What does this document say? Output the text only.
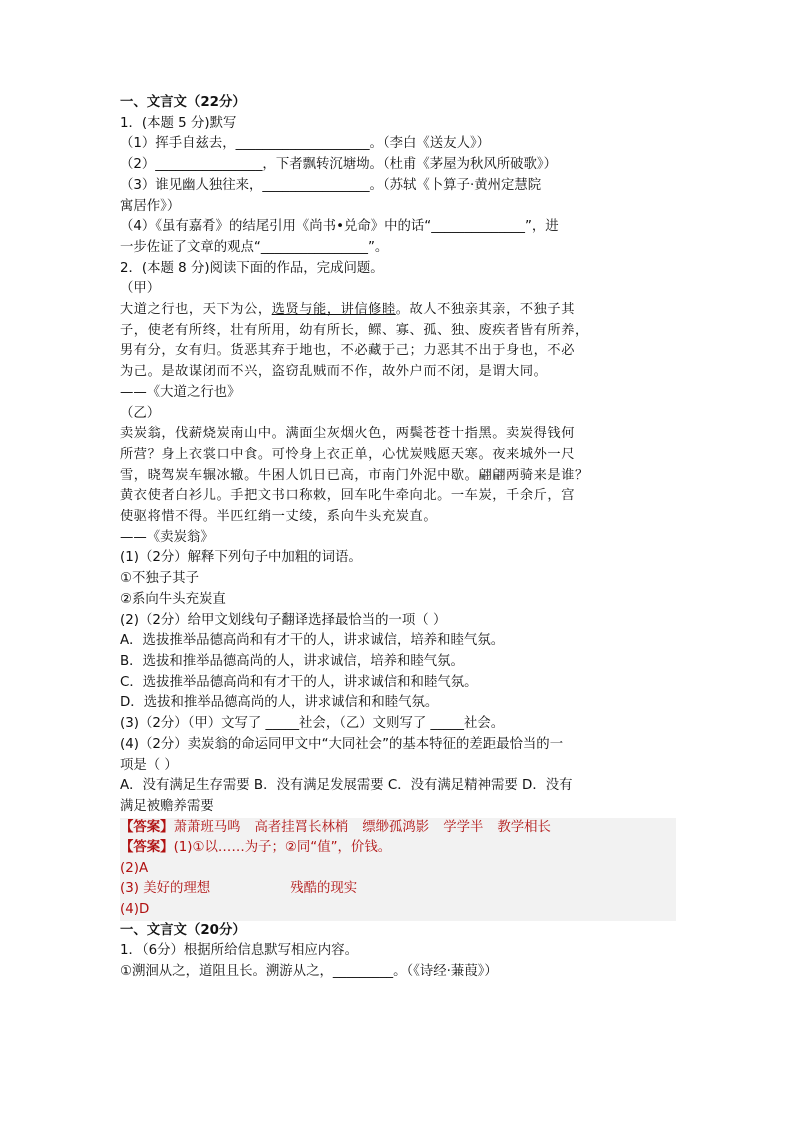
一、文言文（22分）
1．(本题 5 分)默写
（1）挥手自兹去，____________________。（李白《送友人》）
（2）________________，下者飘转沉塘坳。（杜甫《茅屋为秋风所破歌》）
（3）谁见幽人独往来，________________。（苏轼《卜算子·黄州定慧院
寓居作》）
（4）《虽有嘉肴》的结尾引用《尚书•兑命》中的话“______________”，进
一步佐证了文章的观点“________________”。
2．(本题 8 分)阅读下面的作品，完成问题。
（甲）
大道之行也，天下为公，选贤与能，讲信修睦。故人不独亲其亲，不独子其
子，使老有所终，壮有所用，幼有所长，鳏、寡、孤、独、废疾者皆有所养，
男有分，女有归。货恶其弃于地也，不必藏于己；力恶其不出于身也，不必
为己。是故谋闭而不兴，盗窃乱贼而不作，故外户而不闭，是谓大同。
——《大道之行也》
（乙）
卖炭翁，伐薪烧炭南山中。满面尘灰烟火色，两鬓苍苍十指黑。卖炭得钱何
所营？身上衣裳口中食。可怜身上衣正单，心忧炭贱愿天寒。夜来城外一尺
雪，晓驾炭车辗冰辙。牛困人饥日已高，市南门外泥中歇。翩翩两骑来是谁？
黄衣使者白衫儿。手把文书口称敕，回车叱牛牵向北。一车炭，千余斤，宫
使驱将惜不得。半匹红绡一丈绫，系向牛头充炭直。
——《卖炭翁》
(1)（2分）解释下列句子中加粗的词语。
①不独子其子
②系向牛头充炭直
(2)（2分）给甲文划线句子翻译选择最恰当的一项（ ）
A．选拔推举品德高尚和有才干的人，讲求诚信，培养和睦气氛。
B．选拔和推举品德高尚的人，讲求诚信，培养和睦气氛。
C．选拔推举品德高尚和有才干的人，讲求诚信和和睦气氛。
D．选拔和推举品德高尚的人，讲求诚信和和睦气氛。
(3)（2分）（甲）文写了 _____社会，（乙）文则写了 _____社会。
(4)（2分）卖炭翁的命运同甲文中“大同社会”的基本特征的差距最恰当的一
项是（ ）
A．没有满足生存需要 B．没有满足发展需要 C．没有满足精神需要 D．没有
满足被赡养需要
【答案】萧萧班马鸣 高者挂罥长林梢 缥缈孤鸿影 学学半 教学相长
【答案】(1)①以……为子；②同“值”，价钱。
(2)A
(3) 美好的理想	残酷的现实
(4)D
一、文言文（20分）
1．（6分）根据所给信息默写相应内容。
①溯洄从之，道阻且长。溯游从之，_________。（《诗经·蒹葭》）
